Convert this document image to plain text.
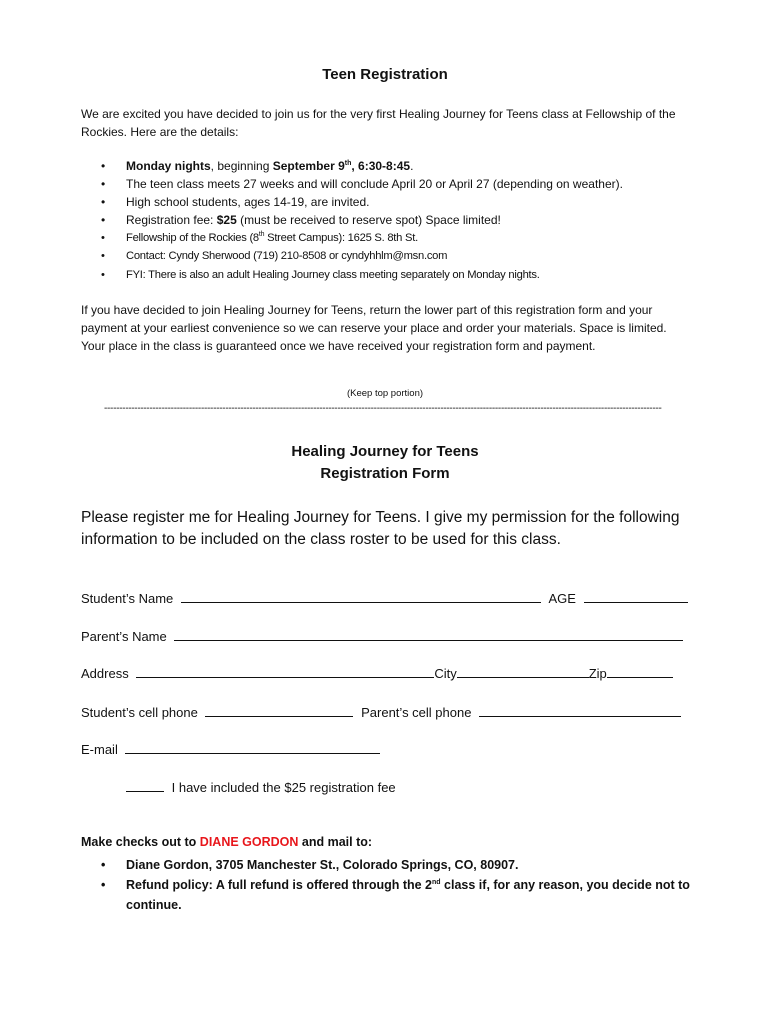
Teen Registration
We are excited you have decided to join us for the very first Healing Journey for Teens class at Fellowship of the Rockies. Here are the details:
• Monday nights, beginning September 9th, 6:30-8:45.
• The teen class meets 27 weeks and will conclude April 20 or April 27 (depending on weather).
• High school students, ages 14-19, are invited.
• Registration fee: $25 (must be received to reserve spot) Space limited!
• Fellowship of the Rockies (8th Street Campus): 1625 S. 8th St.
• Contact: Cyndy Sherwood (719) 210-8508 or cyndyhhlm@msn.com
• FYI: There is also an adult Healing Journey class meeting separately on Monday nights.
If you have decided to join Healing Journey for Teens, return the lower part of this registration form and your payment at your earliest convenience so we can reserve your place and order your materials. Space is limited. Your place in the class is guaranteed once we have received your registration form and payment.
(Keep top portion)
----------------------------------------------------------------------------------------------------------------------------------------------------------------------------------------
Healing Journey for Teens
Registration Form
Please register me for Healing Journey for Teens. I give my permission for the following information to be included on the class roster to be used for this class.
Student’s Name	AGE
Parent’s Name
Address	City	Zip
Student’s cell phone	Parent’s cell phone
E-mail
I have included the $25 registration fee
Make checks out to DIANE GORDON and mail to:
• Diane Gordon, 3705 Manchester St., Colorado Springs, CO, 80907.
• Refund policy: A full refund is offered through the 2nd class if, for any reason, you decide not to continue.
